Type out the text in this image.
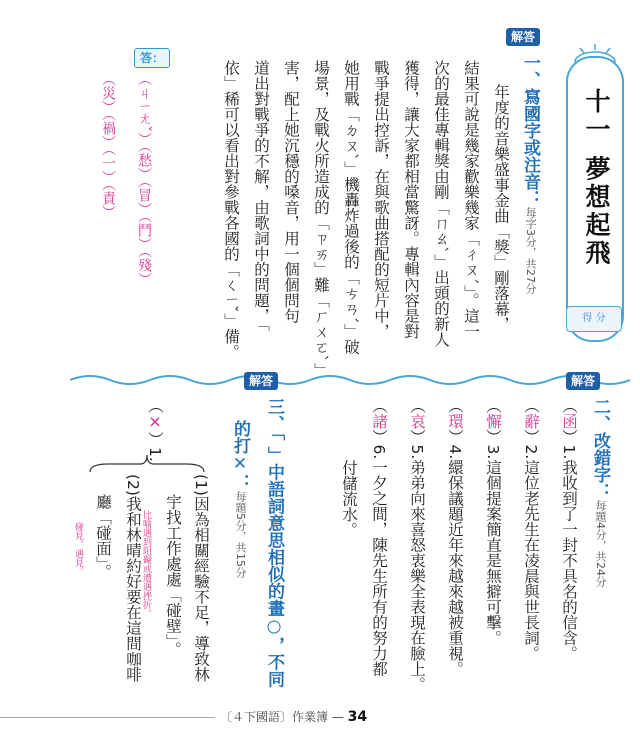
十一 夢想起飛
得 分
解答
一、寫國字或注音：每字3分，共27分
年度的音樂盛事金曲「獎」剛落幕，
結果可說是幾家歡樂幾家「ㄔㄡˊ」。這一
次的最佳專輯獎由剛「ㄇㄠˋ」出頭的新人
獲得，讓大家都相當驚訝。專輯內容是對
戰爭提出控訴，在與歌曲搭配的短片中，
她用戰「ㄉㄡˋ」機轟炸過後的「ㄘㄢˊ」破
場景，及戰火所造成的「ㄗㄞ」難「ㄏㄨㄛˋ」
害，配上她沉穩的嗓音，用一個個問句
道出對戰爭的不解，由歌詞中的問題，「
依」稀可以看出對參戰各國的「ㄑㄧˇ」備。
答：
（ㄐㄧㄤˇ）（愁）（冒）（鬥）（殘）
（災）（禍）（一）（責）
解答
二、改錯字：每題4分，共24分
（函）1.我收到了一封不具名的信含。
（辭）2.這位老先生在凌晨與世長詞。
（懈）3.這個提案簡直是無擗可擊。
（環）4.繯保議題近年來越來越被重視。
（哀）5.弟弟向來喜怒衷樂全表現在臉上。
（諸）6.一夕之間，陳先生所有的努力都
付儲流水。
解答
三、「 」中語詞意思相似的畫○，不同
的打✕：每題5分，共15分
（✕）1.
(1)因為相關經驗不足，導致林
宇找工作處處「碰壁」。
比喻遇到阻礙或遭遇挫折。
(2)我和林晴約好要在這間咖啡
廳「碰面」。
碰見、遇見。
〔４下國語〕作業簿 — 34
